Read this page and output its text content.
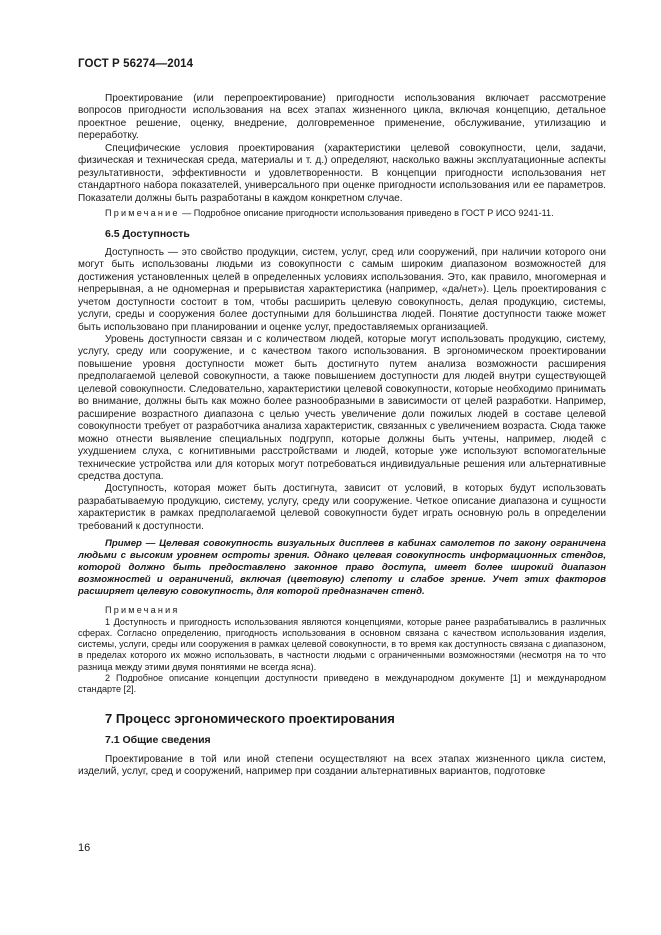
ГОСТ Р 56274—2014

Проектирование (или перепроектирование) пригодности использования включает рассмотрение вопросов пригодности использования на всех этапах жизненного цикла, включая концепцию, детальное проектное решение, оценку, внедрение, долговременное применение, обслуживание, утилизацию и переработку.

Специфические условия проектирования (характеристики целевой совокупности, цели, задачи, физическая и техническая среда, материалы и т. д.) определяют, насколько важны эксплуатационные аспекты результативности, эффективности и удовлетворенности. В концепции пригодности использования нет стандартного набора показателей, универсального при оценке пригодности использования или ее параметров. Показатели должны быть разработаны в каждом конкретном случае.

Примечание — Подробное описание пригодности использования приведено в ГОСТ Р ИСО 9241-11.

6.5 Доступность

Доступность — это свойство продукции, систем, услуг, сред или сооружений, при наличии которого они могут быть использованы людьми из совокупности с самым широким диапазоном возможностей для достижения установленных целей в определенных условиях использования. Это, как правило, многомерная и непрерывная, а не одномерная и прерывистая характеристика (например, «да/нет»). Цель проектирования с учетом доступности состоит в том, чтобы расширить целевую совокупность, делая продукцию, системы, услуги, среды и сооружения более доступными для большинства людей. Понятие доступности также может быть использовано при планировании и оценке услуг, предоставляемых организацией.

Уровень доступности связан и с количеством людей, которые могут использовать продукцию, систему, услугу, среду или сооружение, и с качеством такого использования. В эргономическом проектировании повышение уровня доступности может быть достигнуто путем анализа возможности расширения предполагаемой целевой совокупности, а также повышением доступности для людей внутри существующей целевой совокупности. Следовательно, характеристики целевой совокупности, которые необходимо принимать во внимание, должны быть как можно более разнообразными в зависимости от целей разработки. Например, расширение возрастного диапазона с целью учесть увеличение доли пожилых людей в составе целевой совокупности требует от разработчика анализа характеристик, связанных с увеличением возраста. Сюда также можно отнести выявление специальных подгрупп, которые должны быть учтены, например, людей с ухудшением слуха, с когнитивными расстройствами и людей, которые уже используют вспомогательные технические устройства или для которых могут потребоваться индивидуальные решения или альтернативные средства доступа.

Доступность, которая может быть достигнута, зависит от условий, в которых будут использовать разрабатываемую продукцию, систему, услугу, среду или сооружение. Четкое описание диапазона и сущности характеристик в рамках предполагаемой целевой совокупности будет играть основную роль в определении требований к доступности.

Пример — Целевая совокупность визуальных дисплеев в кабинах самолетов по закону ограничена людьми с высоким уровнем остроты зрения. Однако целевая совокупность информационных стендов, которой должно быть предоставлено законное право доступа, имеет более широкий диапазон возможностей и ограничений, включая (цветовую) слепоту и слабое зрение. Учет этих факторов расширяет целевую совокупность, для которой предназначен стенд.

Примечания

1 Доступность и пригодность использования являются концепциями, которые ранее разрабатывались в различных сферах. Согласно определению, пригодность использования в основном связана с качеством использования изделия, системы, услуги, среды или сооружения в рамках целевой совокупности, в то время как доступность связана с диапазоном, в пределах которого их можно использовать, в частности людьми с ограниченными возможностями (несмотря на то что разница между этими двумя понятиями не всегда ясна).

2 Подробное описание концепции доступности приведено в международном документе [1] и международном стандарте [2].

7 Процесс эргономического проектирования
7.1 Общие сведения

Проектирование в той или иной степени осуществляют на всех этапах жизненного цикла систем, изделий, услуг, сред и сооружений, например при создании альтернативных вариантов, подготовке

16
